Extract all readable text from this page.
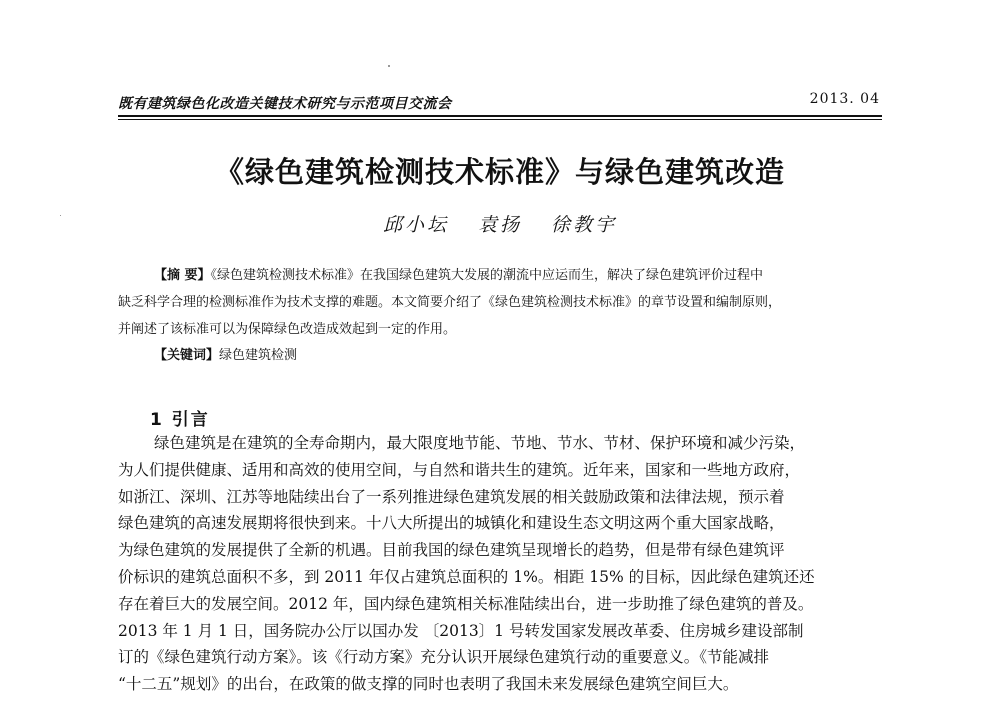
既有建筑绿色化改造关键技术研究与示范项目交流会	2013. 04
《绿色建筑检测技术标准》与绿色建筑改造
邱小坛 袁扬 徐教宇
【摘 要】《绿色建筑检测技术标准》在我国绿色建筑大发展的潮流中应运而生，解决了绿色建筑评价过程中
缺乏科学合理的检测标准作为技术支撑的难题。本文简要介绍了《绿色建筑检测技术标准》的章节设置和编制原则，
并阐述了该标准可以为保障绿色改造成效起到一定的作用。
【关键词】绿色建筑检测
1 引言
绿色建筑是在建筑的全寿命期内，最大限度地节能、节地、节水、节材、保护环境和减少污染，
为人们提供健康、适用和高效的使用空间，与自然和谐共生的建筑。近年来，国家和一些地方政府，
如浙江、深圳、江苏等地陆续出台了一系列推进绿色建筑发展的相关鼓励政策和法律法规，预示着
绿色建筑的高速发展期将很快到来。十八大所提出的城镇化和建设生态文明这两个重大国家战略，
为绿色建筑的发展提供了全新的机遇。目前我国的绿色建筑呈现增长的趋势，但是带有绿色建筑评
价标识的建筑总面积不多，到 2011 年仅占建筑总面积的 1%。相距 15% 的目标，因此绿色建筑还还
存在着巨大的发展空间。2012 年，国内绿色建筑相关标准陆续出台，进一步助推了绿色建筑的普及。
2013 年 1 月 1 日，国务院办公厅以国办发 〔2013〕1 号转发国家发展改革委、住房城乡建设部制
订的《绿色建筑行动方案》。该《行动方案》充分认识开展绿色建筑行动的重要意义。《节能减排
“十二五”规划》的出台，在政策的做支撑的同时也表明了我国未来发展绿色建筑空间巨大。
